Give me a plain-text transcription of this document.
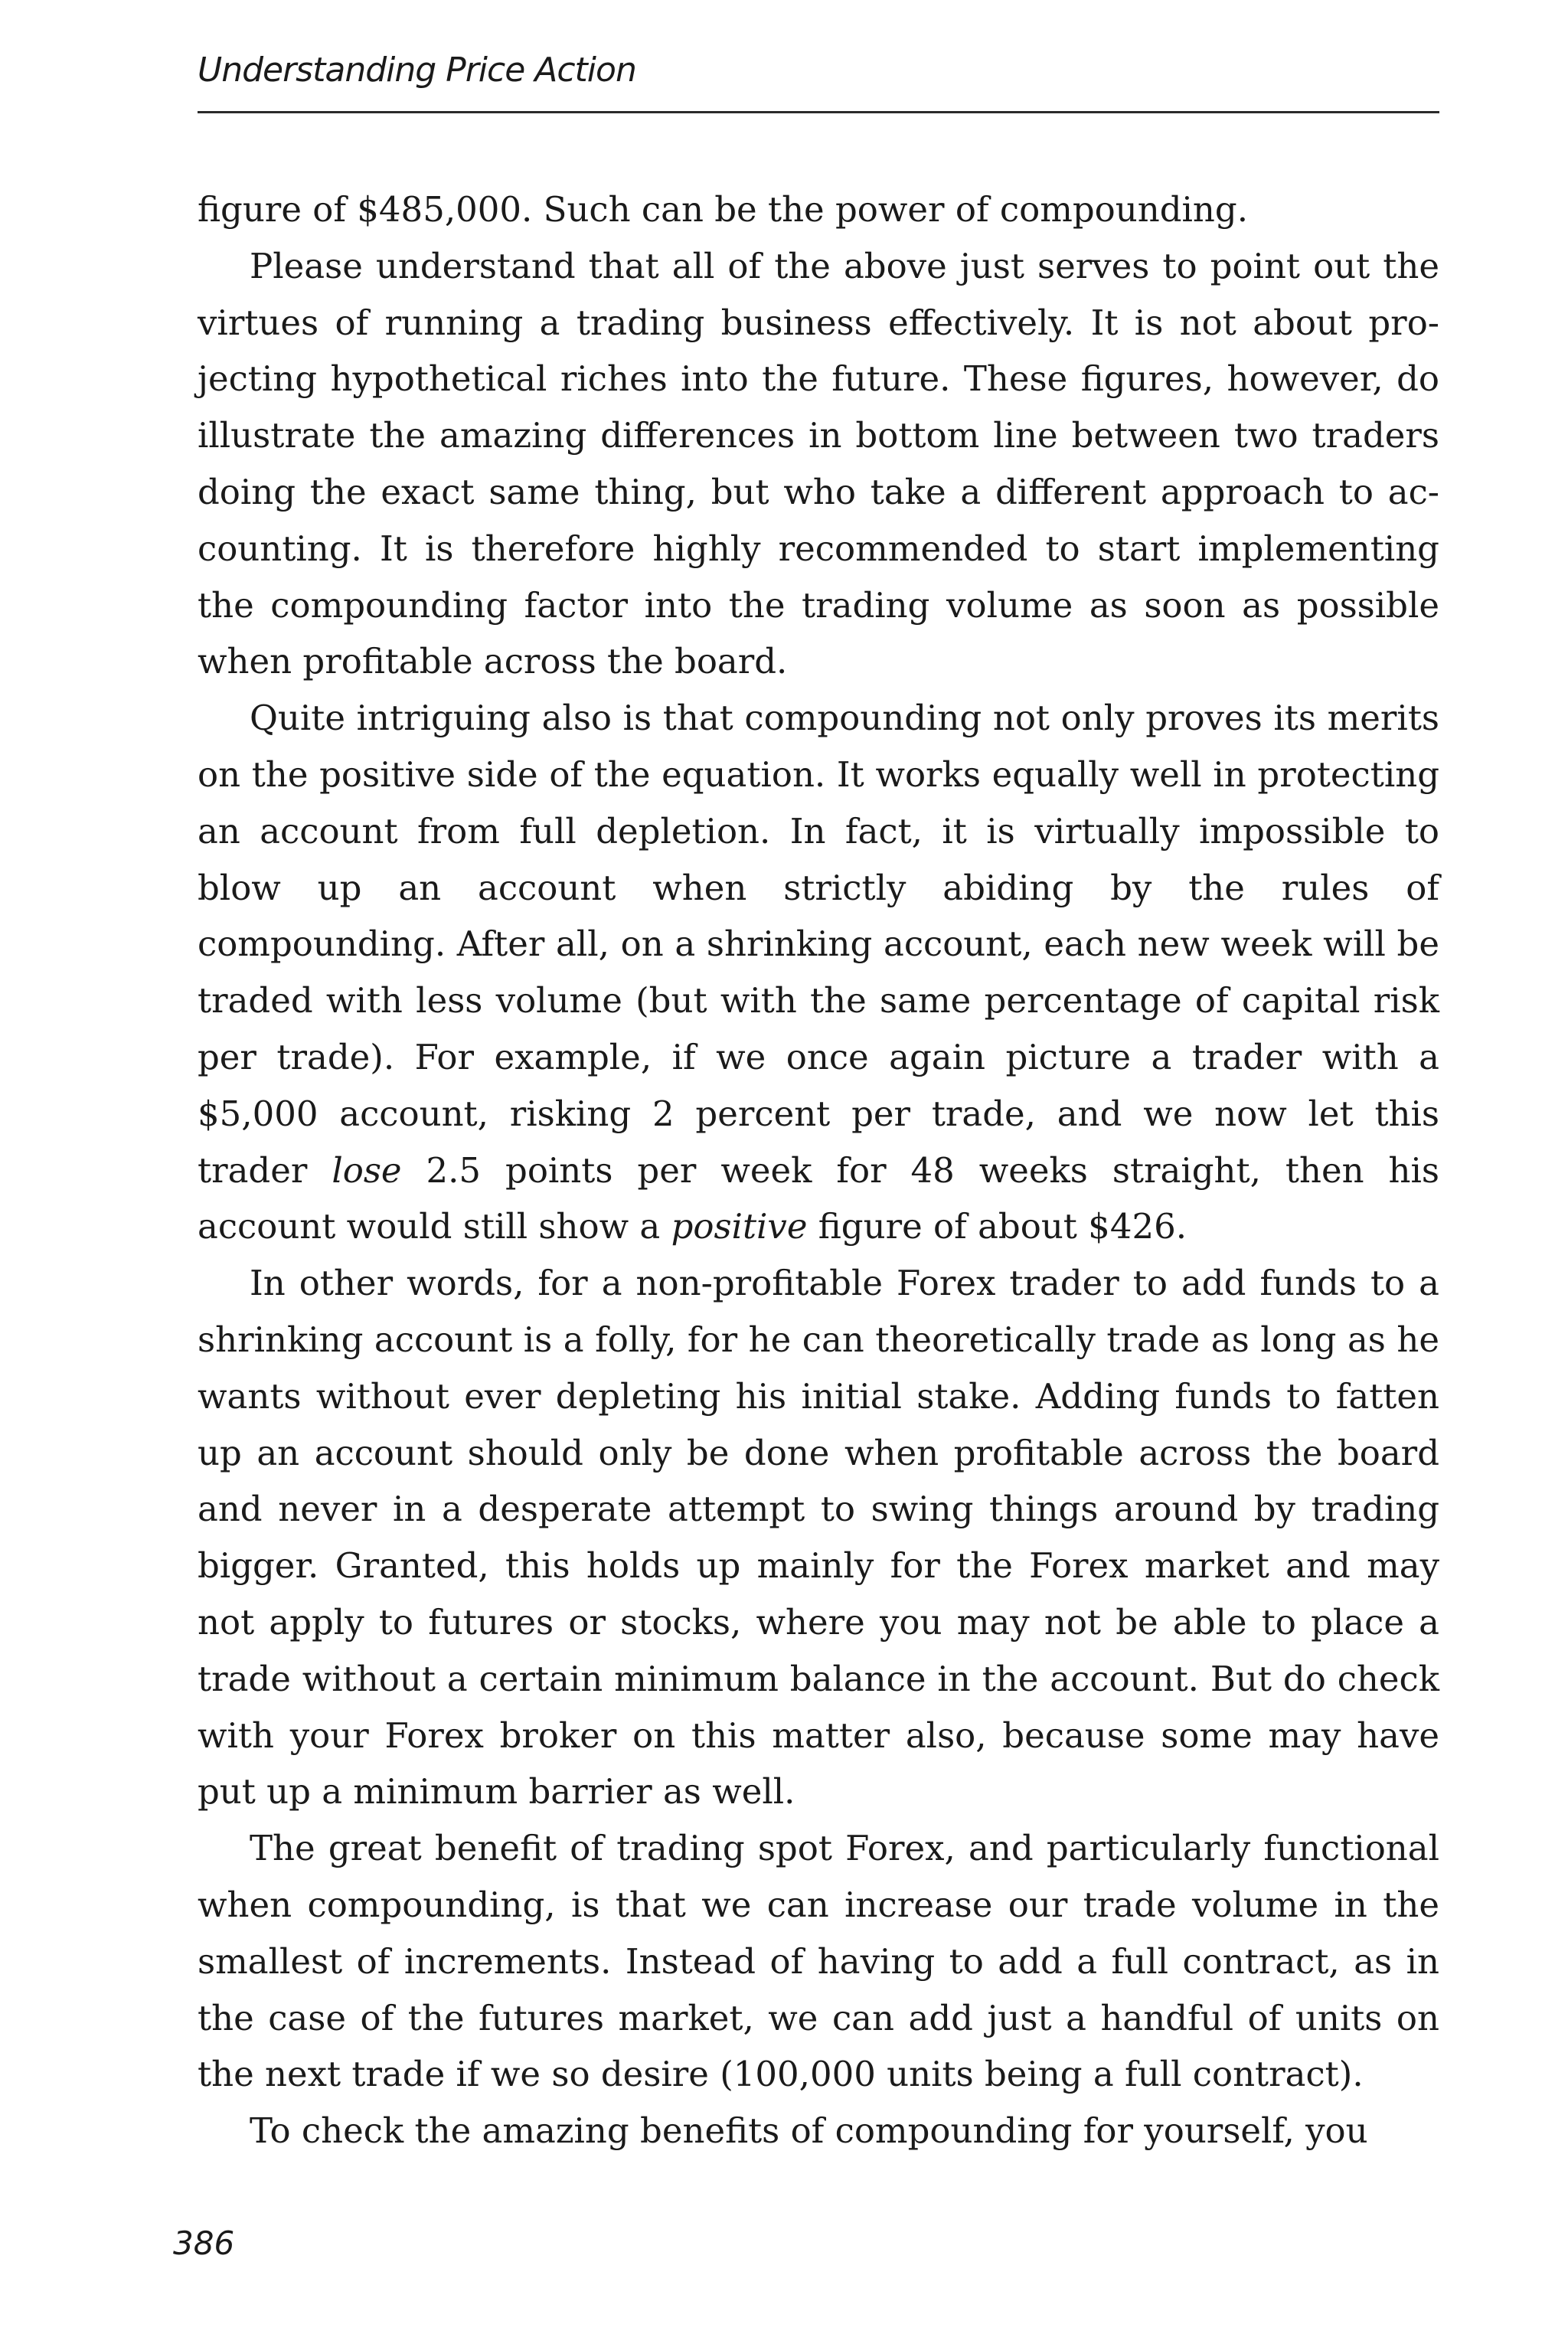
Understanding Price Action

figure of $485,000. Such can be the power of compounding.

Please understand that all of the above just serves to point out the virtues of running a trading business effectively. It is not about projecting hypothetical riches into the future. These figures, however, do illustrate the amazing differences in bottom line between two traders doing the exact same thing, but who take a different approach to accounting. It is therefore highly recommended to start implementing the compounding factor into the trading volume as soon as possible when profitable across the board.

Quite intriguing also is that compounding not only proves its merits on the positive side of the equation. It works equally well in protecting an account from full depletion. In fact, it is virtually impossible to blow up an account when strictly abiding by the rules of compounding. After all, on a shrinking account, each new week will be traded with less volume (but with the same percentage of capital risk per trade). For example, if we once again picture a trader with a $5,000 account, risking 2 percent per trade, and we now let this trader lose 2.5 points per week for 48 weeks straight, then his account would still show a positive figure of about $426.

In other words, for a non-profitable Forex trader to add funds to a shrinking account is a folly, for he can theoretically trade as long as he wants without ever depleting his initial stake. Adding funds to fatten up an account should only be done when profitable across the board and never in a desperate attempt to swing things around by trading bigger. Granted, this holds up mainly for the Forex market and may not apply to futures or stocks, where you may not be able to place a trade without a certain minimum balance in the account. But do check with your Forex broker on this matter also, because some may have put up a minimum barrier as well.

The great benefit of trading spot Forex, and particularly functional when compounding, is that we can increase our trade volume in the smallest of increments. Instead of having to add a full contract, as in the case of the futures market, we can add just a handful of units on the next trade if we so desire (100,000 units being a full contract).

To check the amazing benefits of compounding for yourself, you

386
